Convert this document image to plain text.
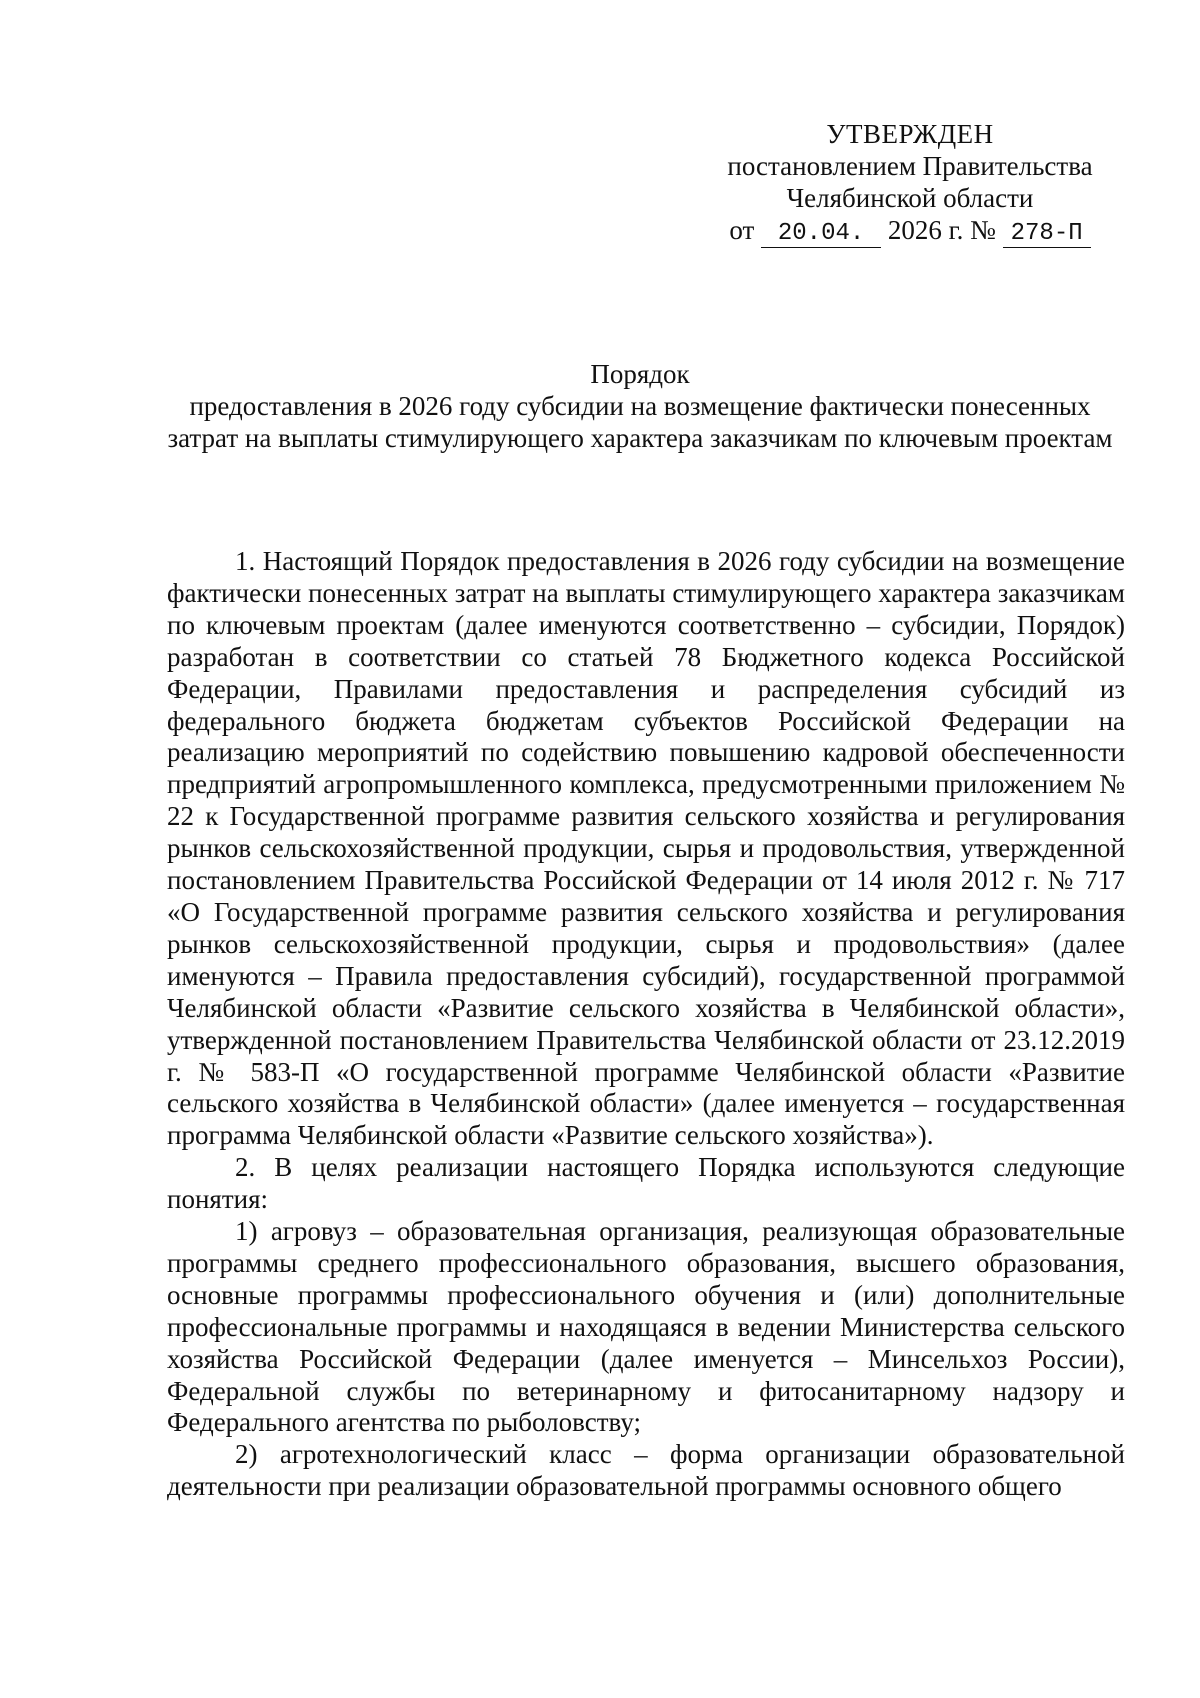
УТВЕРЖДЕН
постановлением Правительства
Челябинской области
от 20.04. 2026 г. № 278-П
Порядок
предоставления в 2026 году субсидии на возмещение фактически понесенных затрат на выплаты стимулирующего характера заказчикам по ключевым проектам

1. Настоящий Порядок предоставления в 2026 году субсидии на возмещение фактически понесенных затрат на выплаты стимулирующего характера заказчикам по ключевым проектам (далее именуются соответственно – субсидии, Порядок) разработан в соответствии со статьей 78 Бюджетного кодекса Российской Федерации, Правилами предоставления и распределения субсидий из федерального бюджета бюджетам субъектов Российской Федерации на реализацию мероприятий по содействию повышению кадровой обеспеченности предприятий агропромышленного комплекса, предусмотренными приложением № 22 к Государственной программе развития сельского хозяйства и регулирования рынков сельскохозяйственной продукции, сырья и продовольствия, утвержденной постановлением Правительства Российской Федерации от 14 июля 2012 г. № 717 «О Государственной программе развития сельского хозяйства и регулирования рынков сельскохозяйственной продукции, сырья и продовольствия» (далее именуются – Правила предоставления субсидий), государственной программой Челябинской области «Развитие сельского хозяйства в Челябинской области», утвержденной постановлением Правительства Челябинской области от 23.12.2019 г. № 583-П «О государственной программе Челябинской области «Развитие сельского хозяйства в Челябинской области» (далее именуется – государственная программа Челябинской области «Развитие сельского хозяйства»).

2. В целях реализации настоящего Порядка используются следующие понятия:

1) агровуз – образовательная организация, реализующая образовательные программы среднего профессионального образования, высшего образования, основные программы профессионального обучения и (или) дополнительные профессиональные программы и находящаяся в ведении Министерства сельского хозяйства Российской Федерации (далее именуется – Минсельхоз России), Федеральной службы по ветеринарному и фитосанитарному надзору и Федерального агентства по рыболовству;

2) агротехнологический класс – форма организации образовательной деятельности при реализации образовательной программы основного общего
